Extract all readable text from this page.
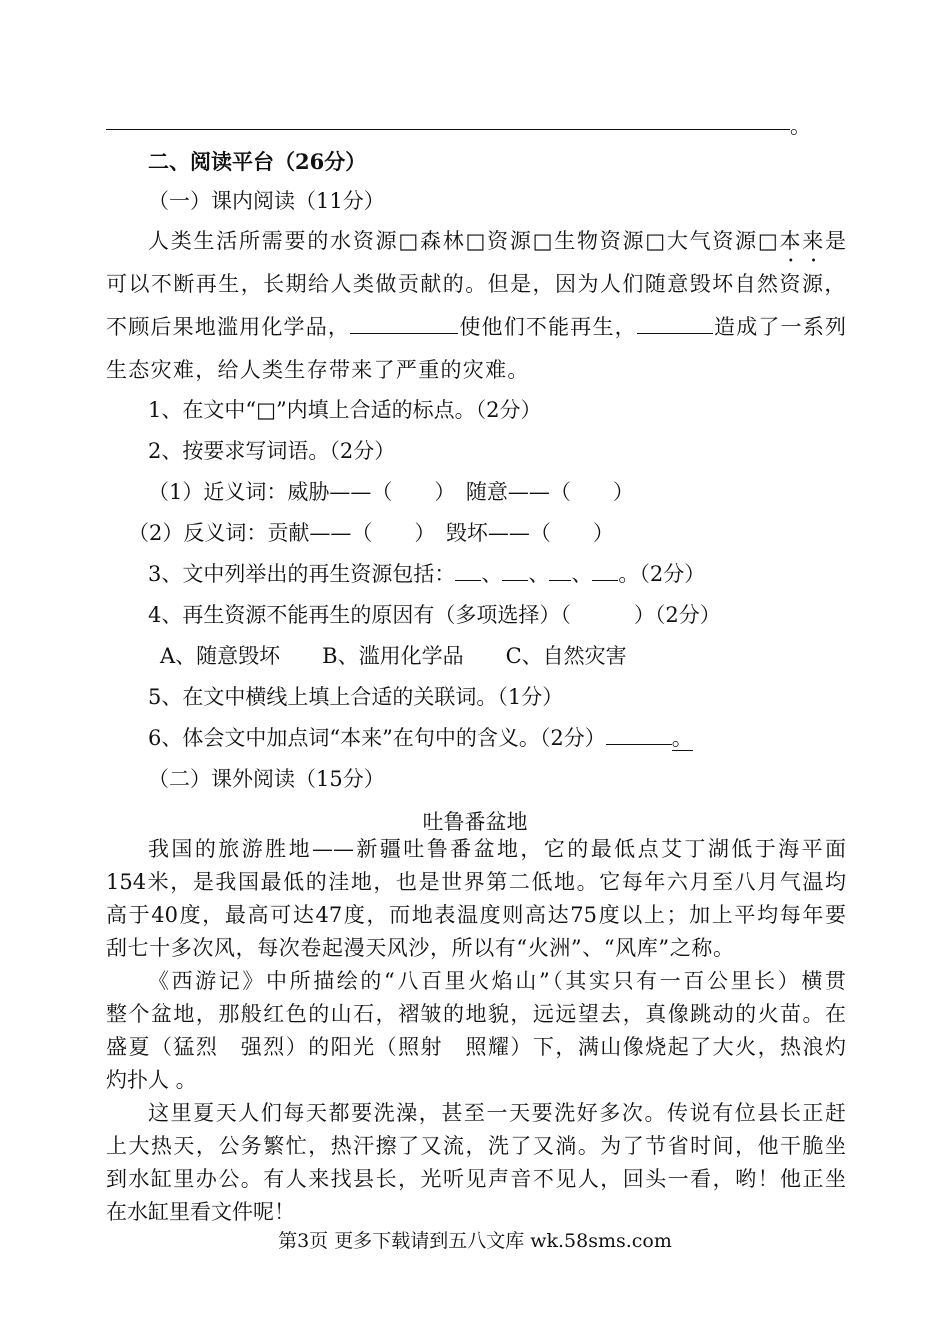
。
二、阅读平台（26分）
（一）课内阅读（11分）
人类生活所需要的水资源□森林□资源□生物资源□大气资源□本来是
可以不断再生，长期给人类做贡献的。但是，因为人们随意毁坏自然资源，
不顾后果地滥用化学品，	使他们不能再生，	造成了一系列
生态灾难，给人类生存带来了严重的灾难。
1、在文中“□”内填上合适的标点。（2分）
2、按要求写词语。（2分）
（1）近义词：威胁——（　　）　随意——（　　）
（2）反义词：贡献——（　　）　毁坏——（　　）
3、文中列举出的再生资源包括： 、 、 、 。（2分）
4、再生资源不能再生的原因有（多项选择）（　　　）（2分）
A、随意毁坏　　B、滥用化学品　　C、自然灾害
5、在文中横线上填上合适的关联词。（1分）
6、体会文中加点词“本来”在句中的含义。（2分）	。
（二）课外阅读（15分）
吐鲁番盆地
我国的旅游胜地——新疆吐鲁番盆地，它的最低点艾丁湖低于海平面
154米，是我国最低的洼地，也是世界第二低地。它每年六月至八月气温均
高于40度，最高可达47度，而地表温度则高达75度以上；加上平均每年要
刮七十多次风，每次卷起漫天风沙，所以有“火洲”、“风库”之称。
《西游记》中所描绘的“八百里火焰山”（其实只有一百公里长）横贯
整个盆地，那般红色的山石，褶皱的地貌，远远望去，真像跳动的火苗。在
盛夏（猛烈　强烈）的阳光（照射　照耀）下，满山像烧起了大火，热浪灼
灼扑人 。
这里夏天人们每天都要洗澡，甚至一天要洗好多次。传说有位县长正赶
上大热天，公务繁忙，热汗擦了又流，洗了又淌。为了节省时间，他干脆坐
到水缸里办公。有人来找县长，光听见声音不见人，回头一看，哟！他正坐
在水缸里看文件呢！
第3页 更多下载请到五八文库 wk.58sms.com
